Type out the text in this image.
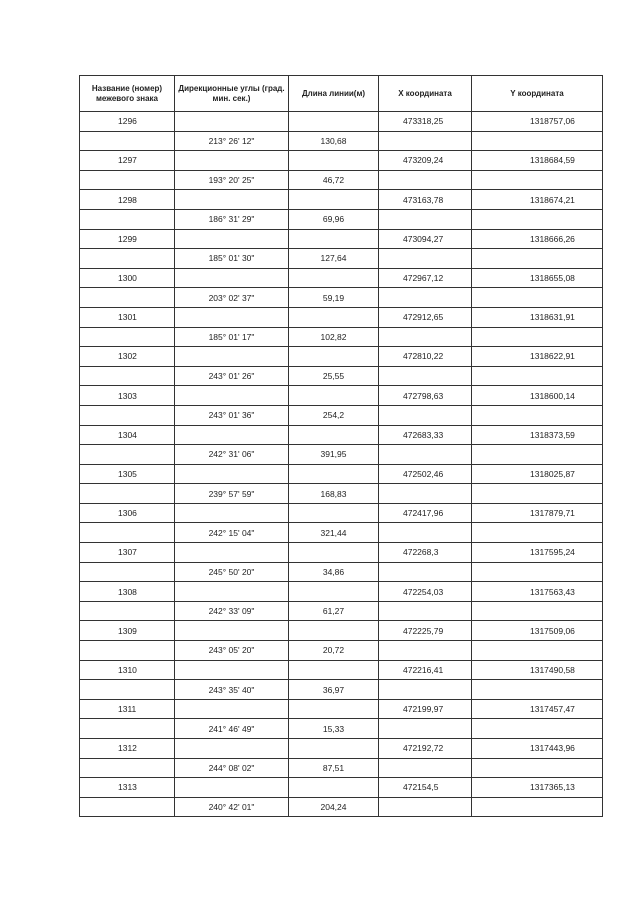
Название (номер) межевого знака	Дирекционные углы (град. мин. сек.)	Длина линии(м)	X координата	Y координата
1296			473318,25	1318757,06
	213° 26' 12"	130,68		
1297			473209,24	1318684,59
	193° 20' 25"	46,72		
1298			473163,78	1318674,21
	186° 31' 29"	69,96		
1299			473094,27	1318666,26
	185° 01' 30"	127,64		
1300			472967,12	1318655,08
	203° 02' 37"	59,19		
1301			472912,65	1318631,91
	185° 01' 17"	102,82		
1302			472810,22	1318622,91
	243° 01' 26"	25,55		
1303			472798,63	1318600,14
	243° 01' 36"	254,2		
1304			472683,33	1318373,59
	242° 31' 06"	391,95		
1305			472502,46	1318025,87
	239° 57' 59"	168,83		
1306			472417,96	1317879,71
	242° 15' 04"	321,44		
1307			472268,3	1317595,24
	245° 50' 20"	34,86		
1308			472254,03	1317563,43
	242° 33' 09"	61,27		
1309			472225,79	1317509,06
	243° 05' 20"	20,72		
1310			472216,41	1317490,58
	243° 35' 40"	36,97		
1311			472199,97	1317457,47
	241° 46' 49"	15,33		
1312			472192,72	1317443,96
	244° 08' 02"	87,51		
1313			472154,5	1317365,13
	240° 42' 01"	204,24		
